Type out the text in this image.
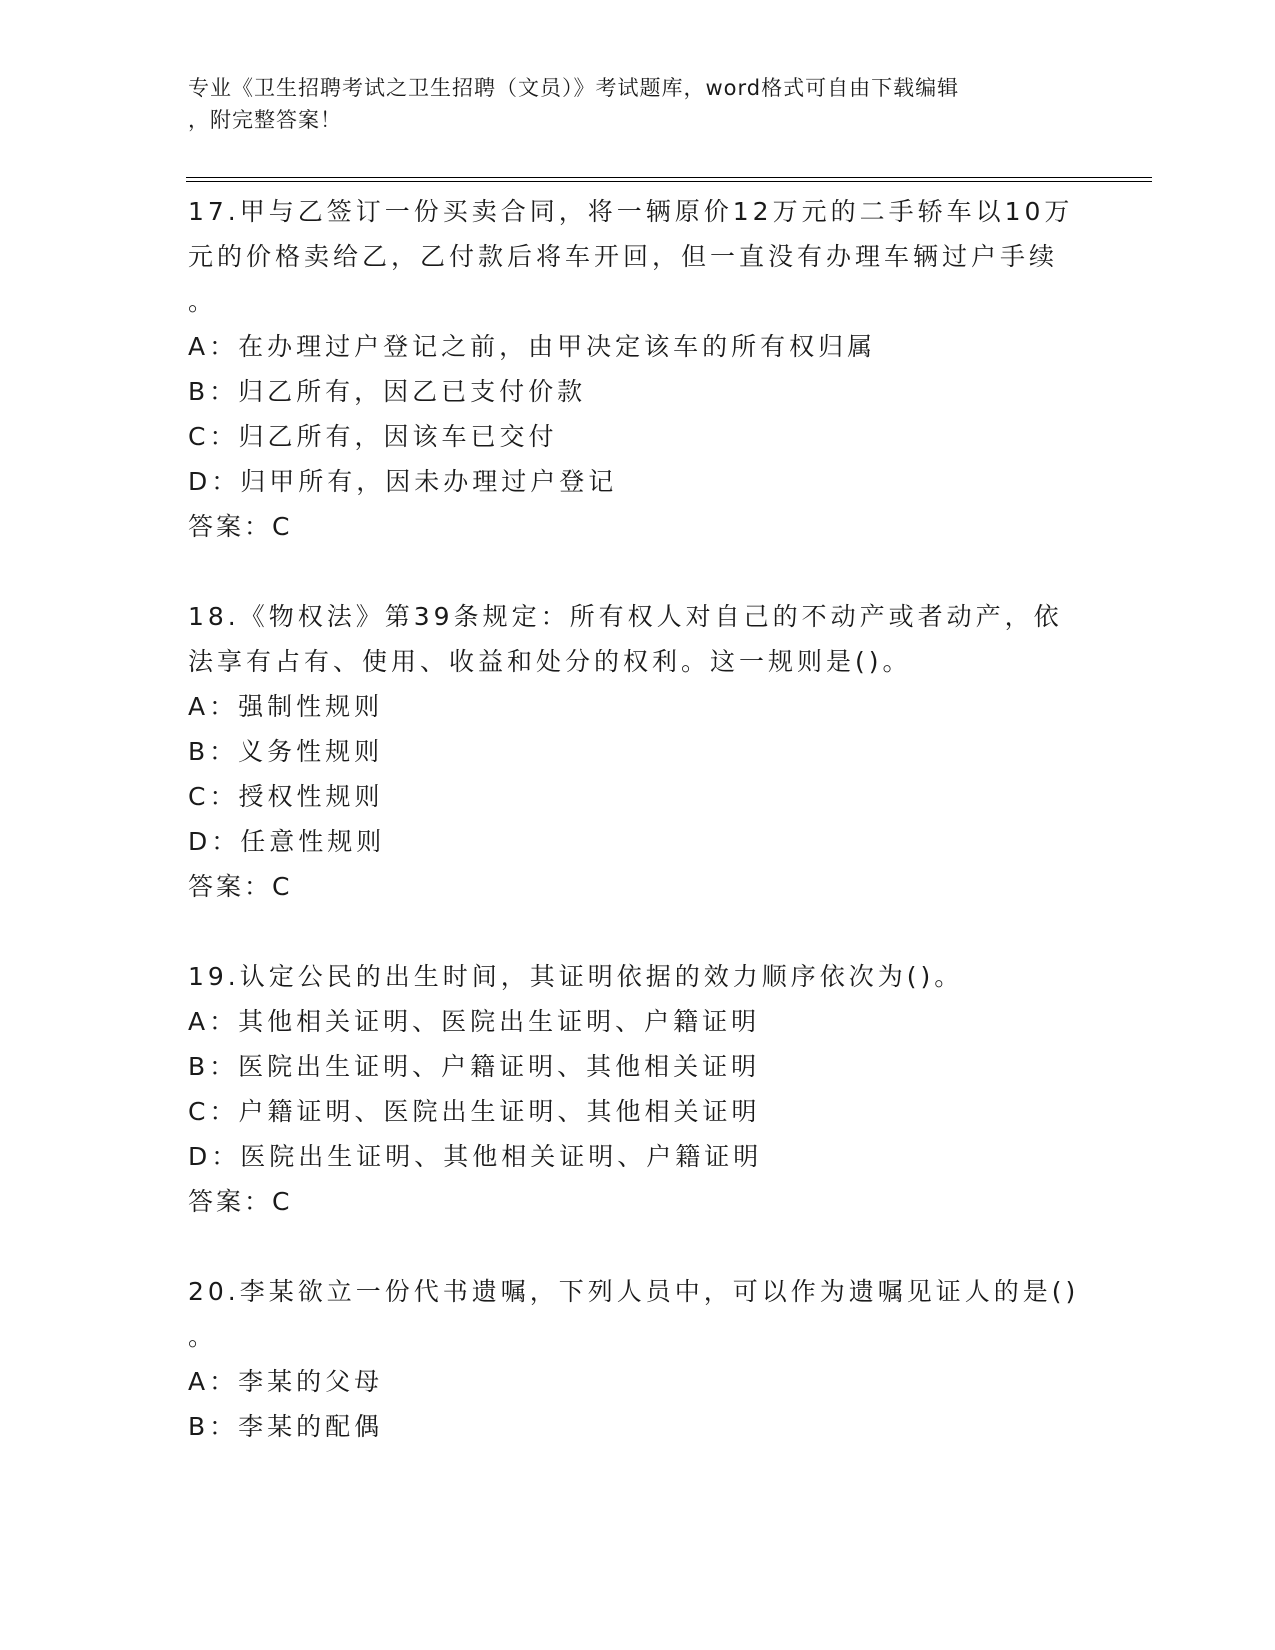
专业《卫生招聘考试之卫生招聘（文员）》考试题库，word格式可自由下载编辑
，附完整答案！
17.甲与乙签订一份买卖合同，将一辆原价12万元的二手轿车以10万
元的价格卖给乙，乙付款后将车开回，但一直没有办理车辆过户手续
。
A：在办理过户登记之前，由甲决定该车的所有权归属
B：归乙所有，因乙已支付价款
C：归乙所有，因该车已交付
D：归甲所有，因未办理过户登记
答案：C
18.《物权法》第39条规定：所有权人对自己的不动产或者动产，依
法享有占有、使用、收益和处分的权利。这一规则是()。
A：强制性规则
B：义务性规则
C：授权性规则
D：任意性规则
答案：C
19.认定公民的出生时间，其证明依据的效力顺序依次为()。
A：其他相关证明、医院出生证明、户籍证明
B：医院出生证明、户籍证明、其他相关证明
C：户籍证明、医院出生证明、其他相关证明
D：医院出生证明、其他相关证明、户籍证明
答案：C
20.李某欲立一份代书遗嘱，下列人员中，可以作为遗嘱见证人的是()
。
A：李某的父母
B：李某的配偶
